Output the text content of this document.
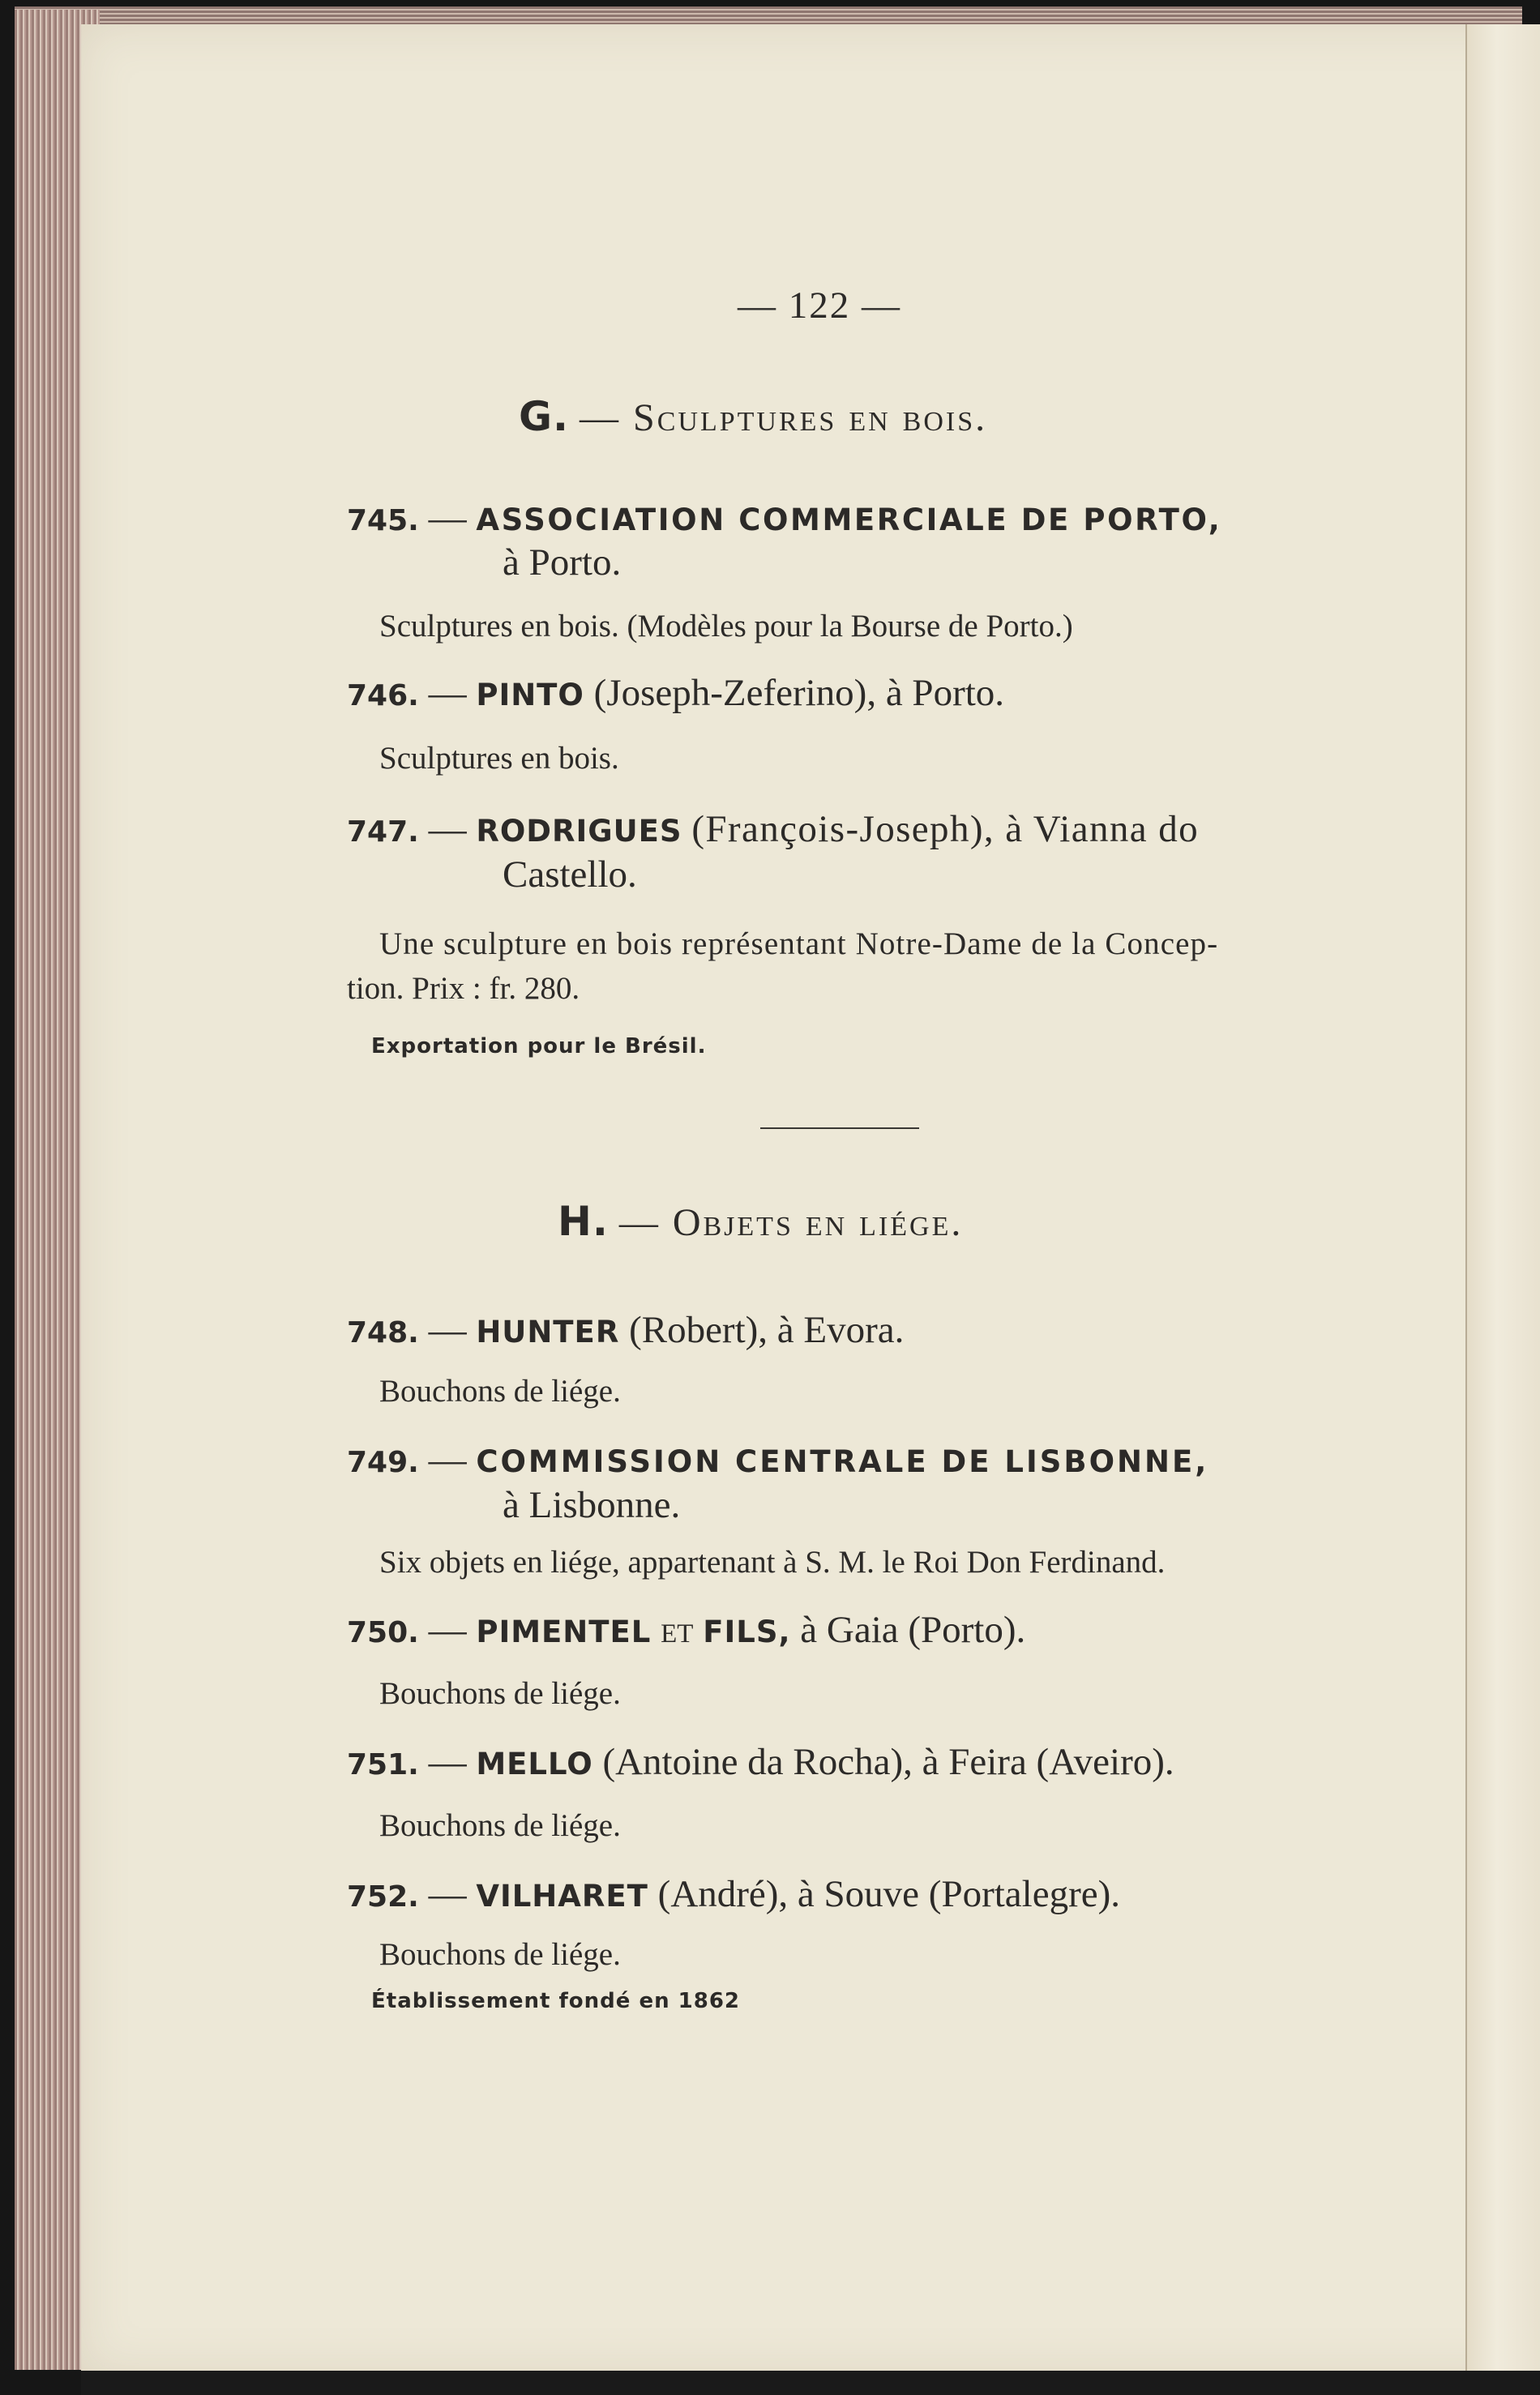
— 122 —
G. — Sculptures en bois.
745. — ASSOCIATION COMMERCIALE DE PORTO,
à Porto.
Sculptures en bois. (Modèles pour la Bourse de Porto.)
746. — PINTO (Joseph-Zeferino), à Porto.
Sculptures en bois.
747. — RODRIGUES (François-Joseph), à Vianna do
Castello.
Une sculpture en bois représentant Notre-Dame de la Concep-
tion. Prix : fr. 280.
Exportation pour le Brésil.
H. — Objets en liége.
748. — HUNTER (Robert), à Evora.
Bouchons de liége.
749. — COMMISSION CENTRALE DE LISBONNE,
à Lisbonne.
Six objets en liége, appartenant à S. M. le Roi Don Ferdinand.
750. — PIMENTEL et FILS, à Gaia (Porto).
Bouchons de liége.
751. — MELLO (Antoine da Rocha), à Feira (Aveiro).
Bouchons de liége.
752. — VILHARET (André), à Souve (Portalegre).
Bouchons de liége.
Établissement fondé en 1862
